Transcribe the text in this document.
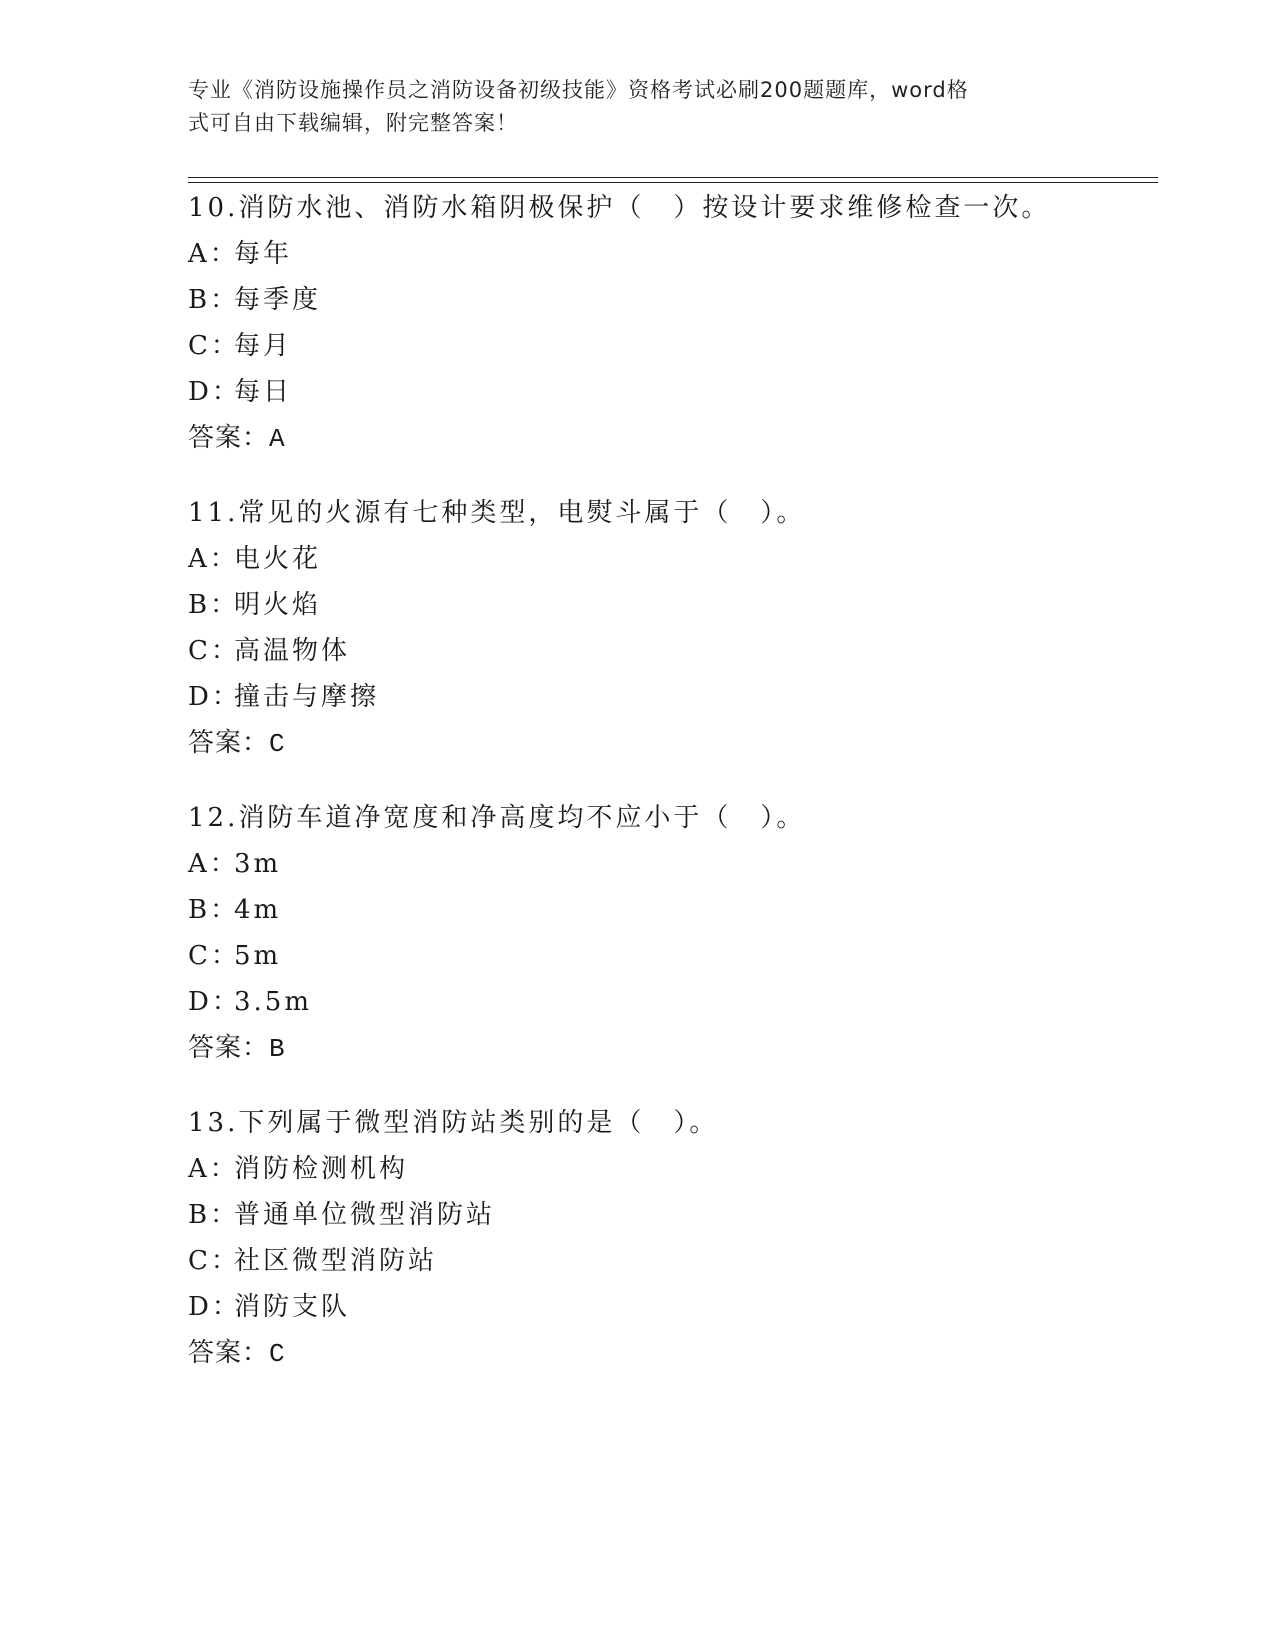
专业《消防设施操作员之消防设备初级技能》资格考试必刷200题题库，word格
式可自由下载编辑，附完整答案！
10.消防水池、消防水箱阴极保护（　）按设计要求维修检查一次。
A：每年
B：每季度
C：每月
D：每日
答案：A
11.常见的火源有七种类型，电熨斗属于（　）。
A：电火花
B：明火焰
C：高温物体
D：撞击与摩擦
答案：C
12.消防车道净宽度和净高度均不应小于（　）。
A：3m
B：4m
C：5m
D：3.5m
答案：B
13.下列属于微型消防站类别的是（　）。
A：消防检测机构
B：普通单位微型消防站
C：社区微型消防站
D：消防支队
答案：C
